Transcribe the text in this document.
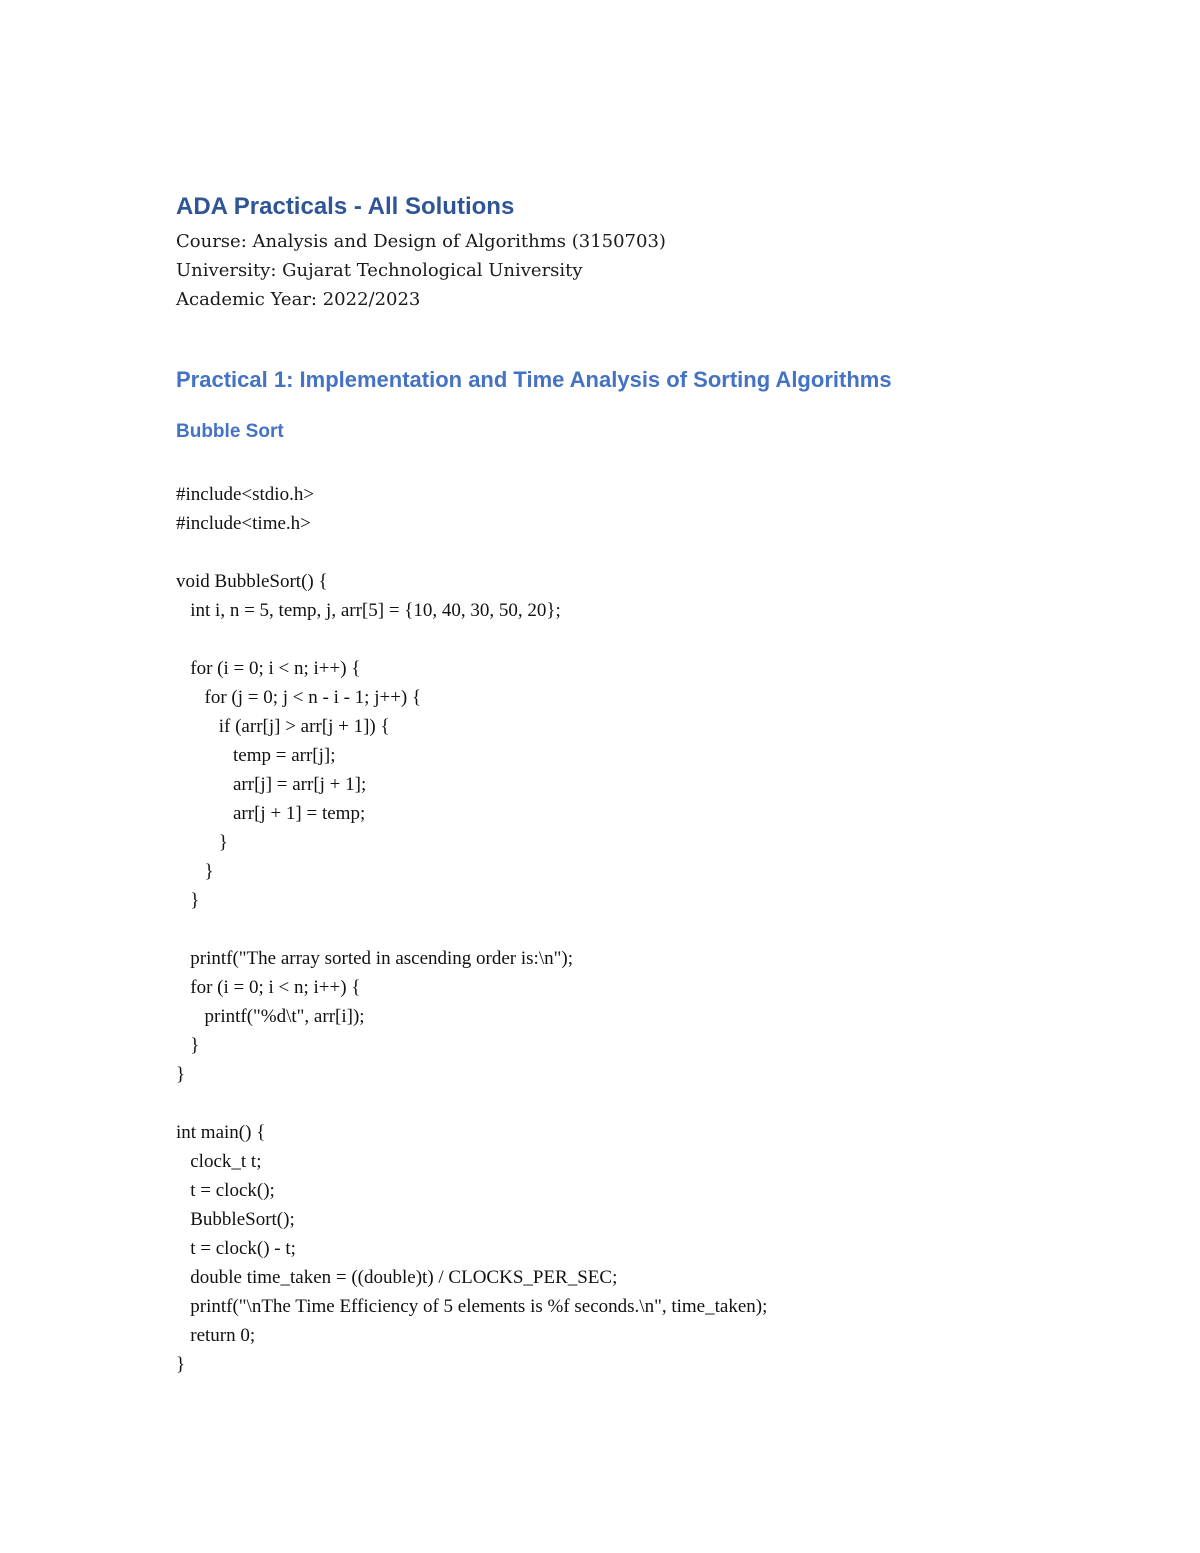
ADA Practicals - All Solutions
Course: Analysis and Design of Algorithms (3150703)
University: Gujarat Technological University
Academic Year: 2022/2023
Practical 1: Implementation and Time Analysis of Sorting Algorithms
Bubble Sort
#include<stdio.h>
#include<time.h>
void BubbleSort() {
int i, n = 5, temp, j, arr[5] = {10, 40, 30, 50, 20};
for (i = 0; i < n; i++) {
for (j = 0; j < n - i - 1; j++) {
if (arr[j] > arr[j + 1]) {
temp = arr[j];
arr[j] = arr[j + 1];
arr[j + 1] = temp;
}
}
}
printf("The array sorted in ascending order is:\n");
for (i = 0; i < n; i++) {
printf("%d\t", arr[i]);
}
}
int main() {
clock_t t;
t = clock();
BubbleSort();
t = clock() - t;
double time_taken = ((double)t) / CLOCKS_PER_SEC;
printf("\nThe Time Efficiency of 5 elements is %f seconds.\n", time_taken);
return 0;
}
